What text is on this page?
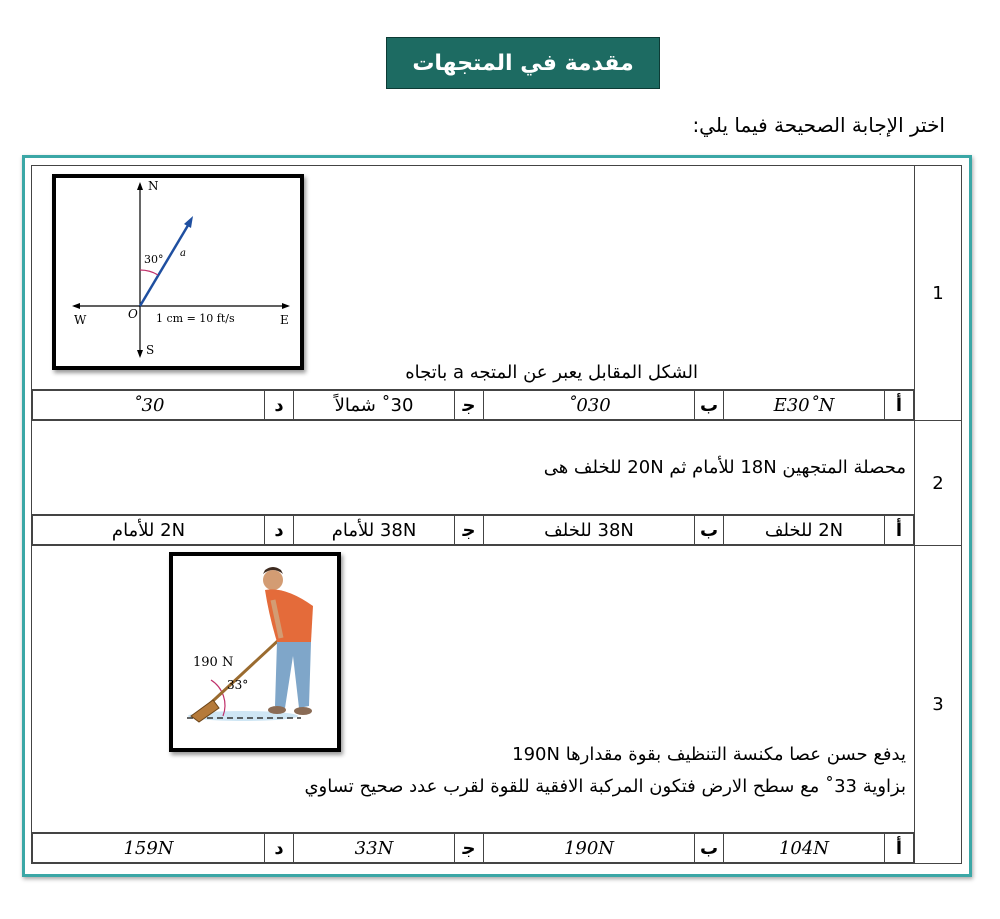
مقدمة في المتجهات
اختر الإجابة الصحيحة فيما يلي:
N
S
E
W	O
30° a
1 cm = 10 ft/s
الشكل المقابل يعبر عن المتجه a باتجاه
	1

أ	E30˚N	ب	030˚	ﺟ	30˚ شمالاً	د	30˚

محصلة المتجهين 18N للأمام ثم 20N للخلف هى
	2

أ	2N للخلف	ب	38N للخلف	ﺟ	38N للأمام	د	2N للأمام

190 N
33°
يدفع حسن عصا مكنسة التنظيف بقوة مقدارها 190N
بزاوية 33˚ مع سطح الارض فتكون المركبة الافقية للقوة لقرب عدد صحيح تساوي
	3

أ	104N	ب	190N	ﺟ	33N	د	159N
